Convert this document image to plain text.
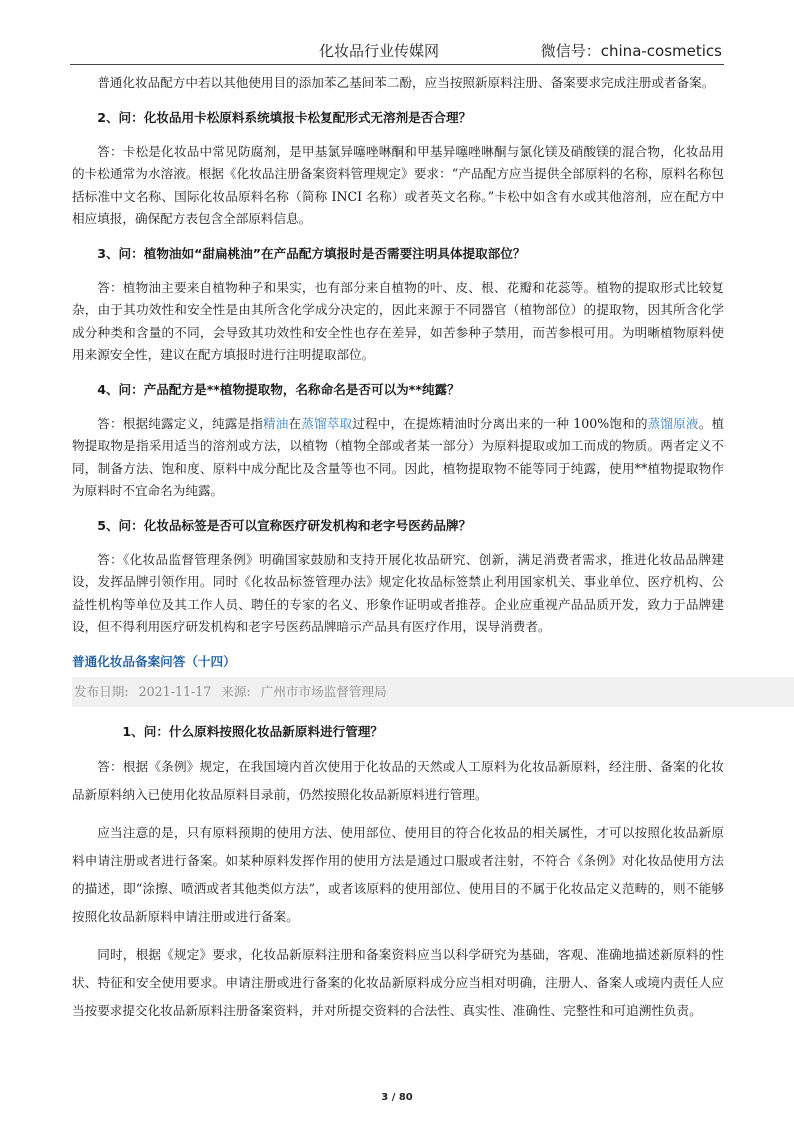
化妆品行业传媒网	微信号：china-cosmetics

普通化妆品配方中若以其他使用目的添加苯乙基间苯二酚，应当按照新原料注册、备案要求完成注册或者备案。

2、问：化妆品用卡松原料系统填报卡松复配形式无溶剂是否合理？

答：卡松是化妆品中常见防腐剂，是甲基氯异噻唑啉酮和甲基异噻唑啉酮与氯化镁及硝酸镁的混合物，化妆品用的卡松通常为水溶液。根据《化妆品注册备案资料管理规定》要求：“产品配方应当提供全部原料的名称，原料名称包括标准中文名称、国际化妆品原料名称（简称 INCI 名称）或者英文名称。”卡松中如含有水或其他溶剂，应在配方中相应填报，确保配方表包含全部原料信息。

3、问：植物油如“甜扁桃油”在产品配方填报时是否需要注明具体提取部位？

答：植物油主要来自植物种子和果实，也有部分来自植物的叶、皮、根、花瓣和花蕊等。植物的提取形式比较复杂，由于其功效性和安全性是由其所含化学成分决定的，因此来源于不同器官（植物部位）的提取物，因其所含化学成分种类和含量的不同，会导致其功效性和安全性也存在差异，如苦参种子禁用，而苦参根可用。为明晰植物原料使用来源安全性，建议在配方填报时进行注明提取部位。

4、问：产品配方是**植物提取物，名称命名是否可以为**纯露？

答：根据纯露定义，纯露是指精油在蒸馏萃取过程中，在提炼精油时分离出来的一种 100%饱和的蒸馏原液。植物提取物是指采用适当的溶剂或方法，以植物（植物全部或者某一部分）为原料提取或加工而成的物质。两者定义不同，制备方法、饱和度、原料中成分配比及含量等也不同。因此，植物提取物不能等同于纯露，使用**植物提取物作为原料时不宜命名为纯露。

5、问：化妆品标签是否可以宣称医疗研发机构和老字号医药品牌？

答：《化妆品监督管理条例》明确国家鼓励和支持开展化妆品研究、创新，满足消费者需求，推进化妆品品牌建设，发挥品牌引领作用。同时《化妆品标签管理办法》规定化妆品标签禁止利用国家机关、事业单位、医疗机构、公益性机构等单位及其工作人员、聘任的专家的名义、形象作证明或者推荐。企业应重视产品品质开发，致力于品牌建设，但不得利用医疗研发机构和老字号医药品牌暗示产品具有医疗作用，误导消费者。

普通化妆品备案问答（十四）
发布日期: 2021-11-17 来源: 广州市市场监督管理局
1、问：什么原料按照化妆品新原料进行管理？

答：根据《条例》规定，在我国境内首次使用于化妆品的天然或人工原料为化妆品新原料，经注册、备案的化妆品新原料纳入已使用化妆品原料目录前，仍然按照化妆品新原料进行管理。

应当注意的是，只有原料预期的使用方法、使用部位、使用目的符合化妆品的相关属性，才可以按照化妆品新原料申请注册或者进行备案。如某种原料发挥作用的使用方法是通过口服或者注射，不符合《条例》对化妆品使用方法的描述，即“涂擦、喷洒或者其他类似方法”，或者该原料的使用部位、使用目的不属于化妆品定义范畴的，则不能够按照化妆品新原料申请注册或进行备案。

同时，根据《规定》要求，化妆品新原料注册和备案资料应当以科学研究为基础，客观、准确地描述新原料的性状、特征和安全使用要求。申请注册或进行备案的化妆品新原料成分应当相对明确，注册人、备案人或境内责任人应当按要求提交化妆品新原料注册备案资料，并对所提交资料的合法性、真实性、准确性、完整性和可追溯性负责。

3 / 80
